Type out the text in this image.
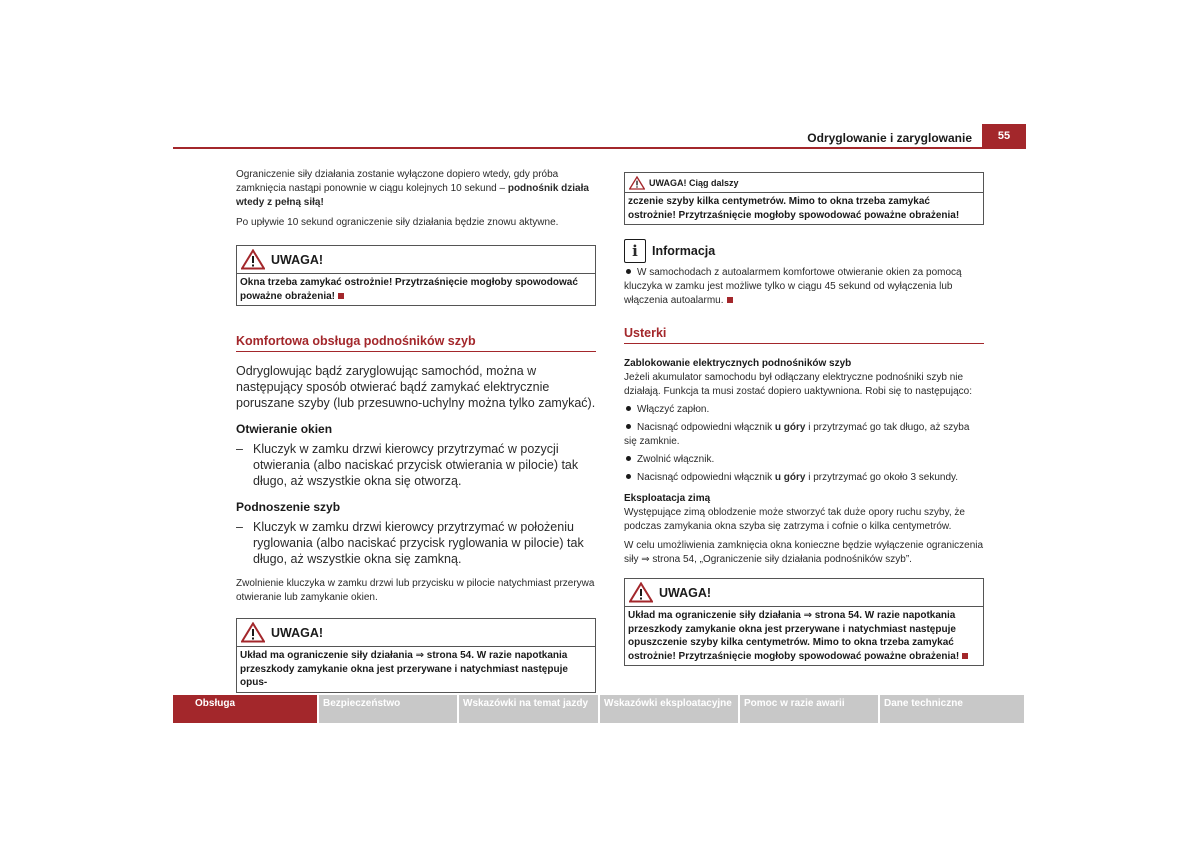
Odryglowanie i zaryglowanie	55

Ograniczenie siły działania zostanie wyłączone dopiero wtedy, gdy próba zamknięcia nastąpi ponownie w ciągu kolejnych 10 sekund – podnośnik działa wtedy z pełną siłą!

Po upływie 10 sekund ograniczenie siły działania będzie znowu aktywne.

UWAGA!
Okna trzeba zamykać ostrożnie! Przytrzaśnięcie mogłoby spowodować poważne obrażenia!
Komfortowa obsługa podnośników szyb

Odryglowując bądź zaryglowując samochód, można w następujący sposób otwierać bądź zamykać elektrycznie poruszane szyby (lub przesuwno-uchylny można tylko zamykać).

Otwieranie okien
– Kluczyk w zamku drzwi kierowcy przytrzymać w pozycji otwierania (albo naciskać przycisk otwierania w pilocie) tak długo, aż wszystkie okna się otworzą.
Podnoszenie szyb
– Kluczyk w zamku drzwi kierowcy przytrzymać w położeniu ryglowania (albo naciskać przycisk ryglowania w pilocie) tak długo, aż wszystkie okna się zamkną.

Zwolnienie kluczyka w zamku drzwi lub przycisku w pilocie natychmiast przerywa otwieranie lub zamykanie okien.

UWAGA!
Układ ma ograniczenie siły działania ⇒ strona 54. W razie napotkania przeszkody zamykanie okna jest przerywane i natychmiast następuje opus-
UWAGA! Ciąg dalszy
zczenie szyby kilka centymetrów. Mimo to okna trzeba zamykać ostrożnie! Przytrzaśnięcie mogłoby spowodować poważne obrażenia!
i	Informacja

W samochodach z autoalarmem komfortowe otwieranie okien za pomocą kluczyka w zamku jest możliwe tylko w ciągu 45 sekund od wyłączenia lub włączenia autoalarmu.

Usterki
Zablokowanie elektrycznych podnośników szyb

Jeżeli akumulator samochodu był odłączany elektryczne podnośniki szyb nie działają. Funkcja ta musi zostać dopiero uaktywniona. Robi się to następująco:

Włączyć zapłon.

Nacisnąć odpowiedni włącznik u góry i przytrzymać go tak długo, aż szyba się zamknie.

Zwolnić włącznik.

Nacisnąć odpowiedni włącznik u góry i przytrzymać go około 3 sekundy.

Eksploatacja zimą

Występujące zimą oblodzenie może stworzyć tak duże opory ruchu szyby, że podczas zamykania okna szyba się zatrzyma i cofnie o kilka centymetrów.

W celu umożliwienia zamknięcia okna konieczne będzie wyłączenie ograniczenia siły ⇒ strona 54, „Ograniczenie siły działania podnośników szyb”.

UWAGA!
Układ ma ograniczenie siły działania ⇒ strona 54. W razie napotkania przeszkody zamykanie okna jest przerywane i natychmiast następuje opuszczenie szyby kilka centymetrów. Mimo to okna trzeba zamykać ostrożnie! Przytrzaśnięcie mogłoby spowodować poważne obrażenia!
Obsługa	Bezpieczeństwo	Wskazówki na temat jazdy	Wskazówki eksploatacyjne	Pomoc w razie awarii	Dane techniczne
